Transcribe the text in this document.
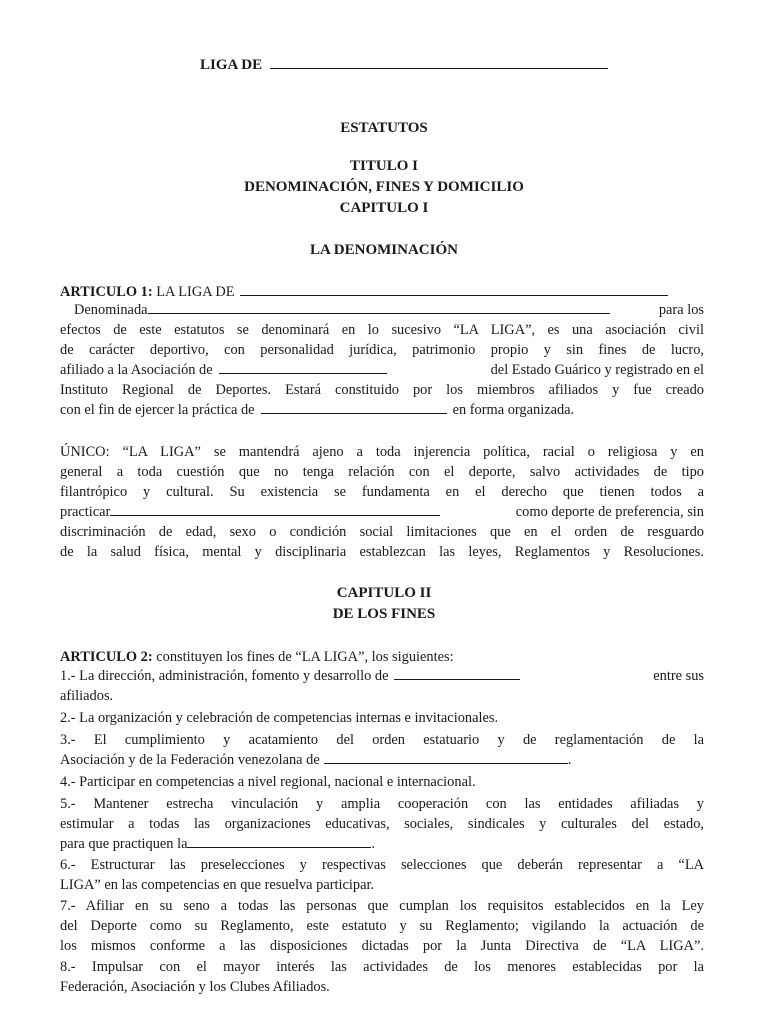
LIGA DE
ESTATUTOS
TITULO I
DENOMINACIÓN, FINES Y DOMICILIO
CAPITULO I
LA DENOMINACIÓN
ARTICULO 1: LA LIGA DE
Denominada	para los
efectos de este estatutos se denominará en lo sucesivo “LA LIGA”, es una asociación civil
de carácter deportivo, con personalidad jurídica, patrimonio propio y sin fines de lucro,
afiliado a la Asociación de	del Estado Guárico y registrado en el
Instituto Regional de Deportes. Estará constituido por los miembros afiliados y fue creado
con el fin de ejercer la práctica de	en forma organizada.
ÚNICO: “LA LIGA” se mantendrá ajeno a toda injerencia política, racial o religiosa y en
general a toda cuestión que no tenga relación con el deporte, salvo actividades de tipo
filantrópico y cultural. Su existencia se fundamenta en el derecho que tienen todos a
practicar	como deporte de preferencia, sin
discriminación de edad, sexo o condición social limitaciones que en el orden de resguardo
de la salud física, mental y disciplinaria establezcan las leyes, Reglamentos y Resoluciones.
CAPITULO II
DE LOS FINES
ARTICULO 2: constituyen los fines de “LA LIGA”, los siguientes:
1.- La dirección, administración, fomento y desarrollo de	entre sus
afiliados.
2.- La organización y celebración de competencias internas e invitacionales.
3.- El cumplimiento y acatamiento del orden estatuario y de reglamentación de la
Asociación y de la Federación venezolana de	.
4.- Participar en competencias a nivel regional, nacional e internacional.
5.- Mantener estrecha vinculación y amplia cooperación con las entidades afiliadas y
estimular a todas las organizaciones educativas, sociales, sindicales y culturales del estado,
para que practiquen la	.
6.- Estructurar las preselecciones y respectivas selecciones que deberán representar a “LA
LIGA” en las competencias en que resuelva participar.
7.- Afiliar en su seno a todas las personas que cumplan los requisitos establecidos en la Ley
del Deporte como su Reglamento, este estatuto y su Reglamento; vigilando la actuación de
los mismos conforme a las disposiciones dictadas por la Junta Directiva de “LA LIGA”.
8.- Impulsar con el mayor interés las actividades de los menores establecidas por la
Federación, Asociación y los Clubes Afiliados.
